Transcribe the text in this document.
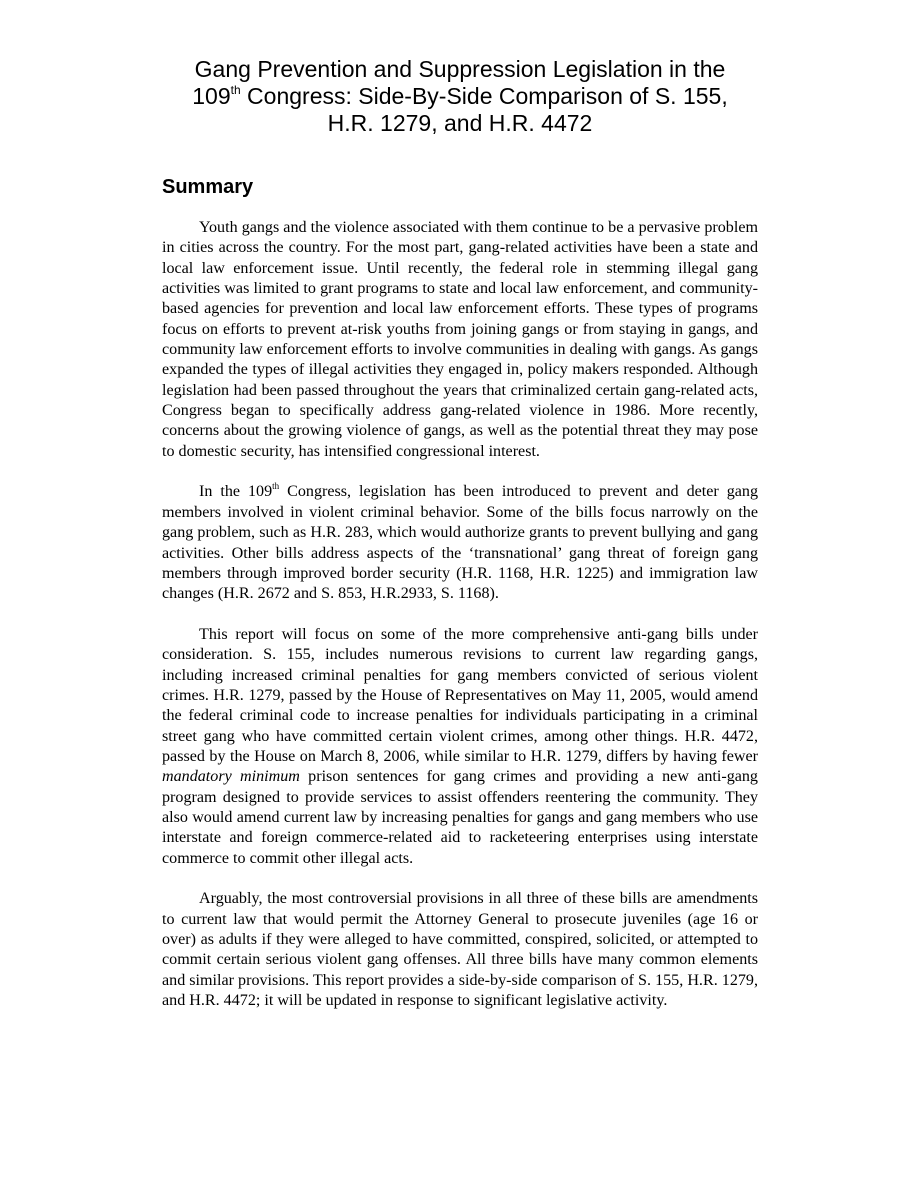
Gang Prevention and Suppression Legislation in the
109th Congress: Side-By-Side Comparison of S. 155,
H.R. 1279, and H.R. 4472
Summary

Youth gangs and the violence associated with them continue to be a pervasive problem in cities across the country. For the most part, gang-related activities have been a state and local law enforcement issue. Until recently, the federal role in stemming illegal gang activities was limited to grant programs to state and local law enforcement, and community-based agencies for prevention and local law enforcement efforts. These types of programs focus on efforts to prevent at-risk youths from joining gangs or from staying in gangs, and community law enforcement efforts to involve communities in dealing with gangs. As gangs expanded the types of illegal activities they engaged in, policy makers responded. Although legislation had been passed throughout the years that criminalized certain gang-related acts, Congress began to specifically address gang-related violence in 1986. More recently, concerns about the growing violence of gangs, as well as the potential threat they may pose to domestic security, has intensified congressional interest.

In the 109th Congress, legislation has been introduced to prevent and deter gang members involved in violent criminal behavior. Some of the bills focus narrowly on the gang problem, such as H.R. 283, which would authorize grants to prevent bullying and gang activities. Other bills address aspects of the ‘transnational’ gang threat of foreign gang members through improved border security (H.R. 1168, H.R. 1225) and immigration law changes (H.R. 2672 and S. 853, H.R.2933, S. 1168).

This report will focus on some of the more comprehensive anti-gang bills under consideration. S. 155, includes numerous revisions to current law regarding gangs, including increased criminal penalties for gang members convicted of serious violent crimes. H.R. 1279, passed by the House of Representatives on May 11, 2005, would amend the federal criminal code to increase penalties for individuals participating in a criminal street gang who have committed certain violent crimes, among other things. H.R. 4472, passed by the House on March 8, 2006, while similar to H.R. 1279, differs by having fewer mandatory minimum prison sentences for gang crimes and providing a new anti-gang program designed to provide services to assist offenders reentering the community. They also would amend current law by increasing penalties for gangs and gang members who use interstate and foreign commerce-related aid to racketeering enterprises using interstate commerce to commit other illegal acts.

Arguably, the most controversial provisions in all three of these bills are amendments to current law that would permit the Attorney General to prosecute juveniles (age 16 or over) as adults if they were alleged to have committed, conspired, solicited, or attempted to commit certain serious violent gang offenses. All three bills have many common elements and similar provisions. This report provides a side-by-side comparison of S. 155, H.R. 1279, and H.R. 4472; it will be updated in response to significant legislative activity.
